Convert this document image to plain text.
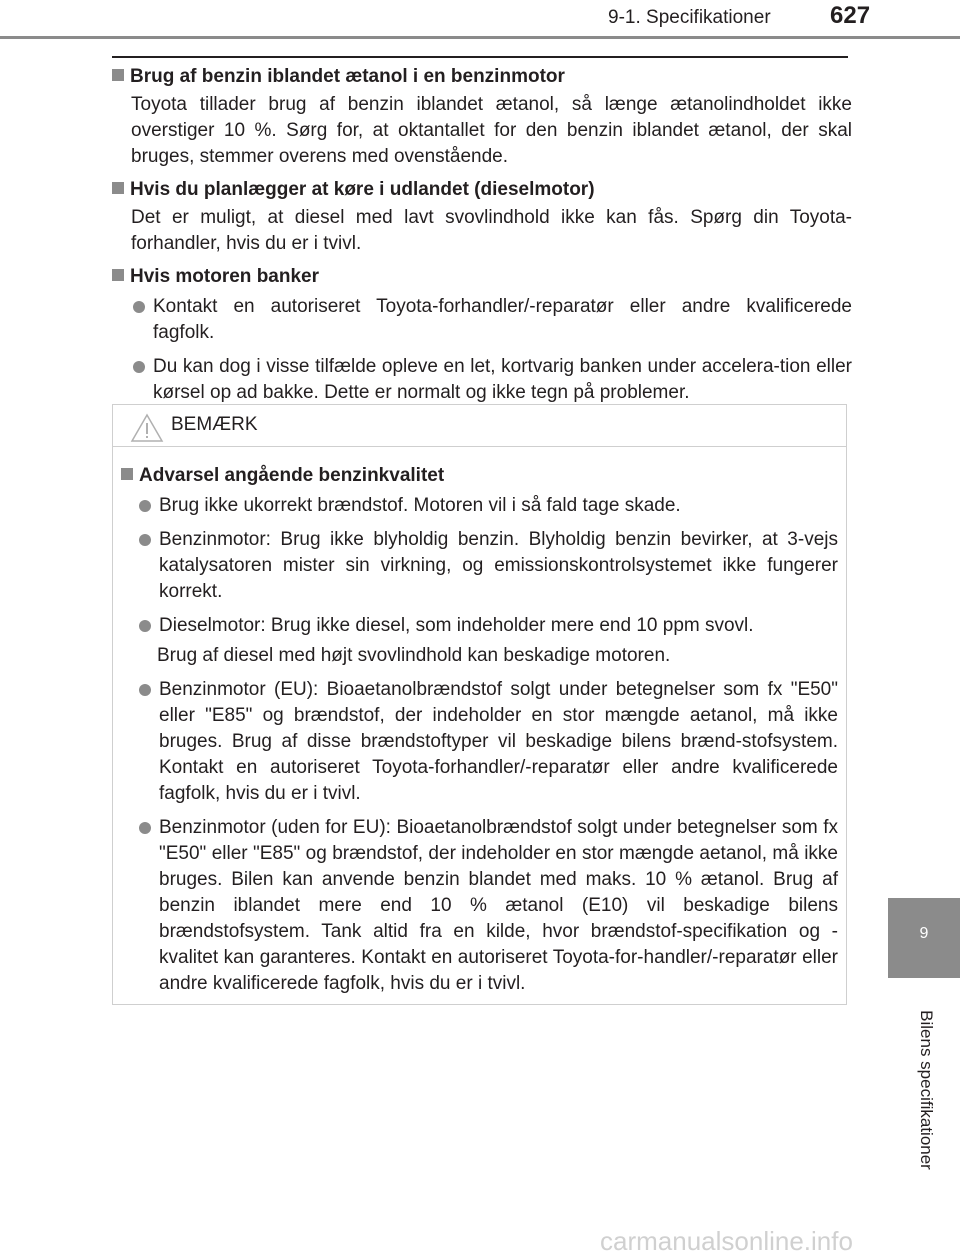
9-1. Specifikationer 627
9
Bilens specifikationer

Brug af benzin iblandet ætanol i en benzinmotor

Toyota tillader brug af benzin iblandet ætanol, så længe ætanolindholdet ikke overstiger 10 %. Sørg for, at oktantallet for den benzin iblandet ætanol, der skal bruges, stemmer overens med ovenstående.

Hvis du planlægger at køre i udlandet (dieselmotor)

Det er muligt, at diesel med lavt svovlindhold ikke kan fås. Spørg din Toyota-forhandler, hvis du er i tvivl.

Hvis motoren banker

Kontakt en autoriseret Toyota-forhandler/-reparatør eller andre kvalificerede fagfolk.
Du kan dog i visse tilfælde opleve en let, kortvarig banken under accelera-tion eller kørsel op ad bakke. Dette er normalt og ikke tegn på problemer.
BEMÆRK

Advarsel angående benzinkvalitet

Brug ikke ukorrekt brændstof. Motoren vil i så fald tage skade.
Benzinmotor: Brug ikke blyholdig benzin. Blyholdig benzin bevirker, at 3-vejs katalysatoren mister sin virkning, og emissionskontrolsystemet ikke fungerer korrekt.
Dieselmotor: Brug ikke diesel, som indeholder mere end 10 ppm svovl.

Brug af diesel med højt svovlindhold kan beskadige motoren.

Benzinmotor (EU): Bioaetanolbrændstof solgt under betegnelser som fx "E50" eller "E85" og brændstof, der indeholder en stor mængde aetanol, må ikke bruges. Brug af disse brændstoftyper vil beskadige bilens brænd-stofsystem. Kontakt en autoriseret Toyota-forhandler/-reparatør eller andre kvalificerede fagfolk, hvis du er i tvivl.
Benzinmotor (uden for EU): Bioaetanolbrændstof solgt under betegnelser som fx "E50" eller "E85" og brændstof, der indeholder en stor mængde aetanol, må ikke bruges. Bilen kan anvende benzin blandet med maks. 10 % ætanol. Brug af benzin iblandet mere end 10 % ætanol (E10) vil beskadige bilens brændstofsystem. Tank altid fra en kilde, hvor brændstof-specifikation og -kvalitet kan garanteres. Kontakt en autoriseret Toyota-for-handler/-reparatør eller andre kvalificerede fagfolk, hvis du er i tvivl.
carmanualsonline.info
